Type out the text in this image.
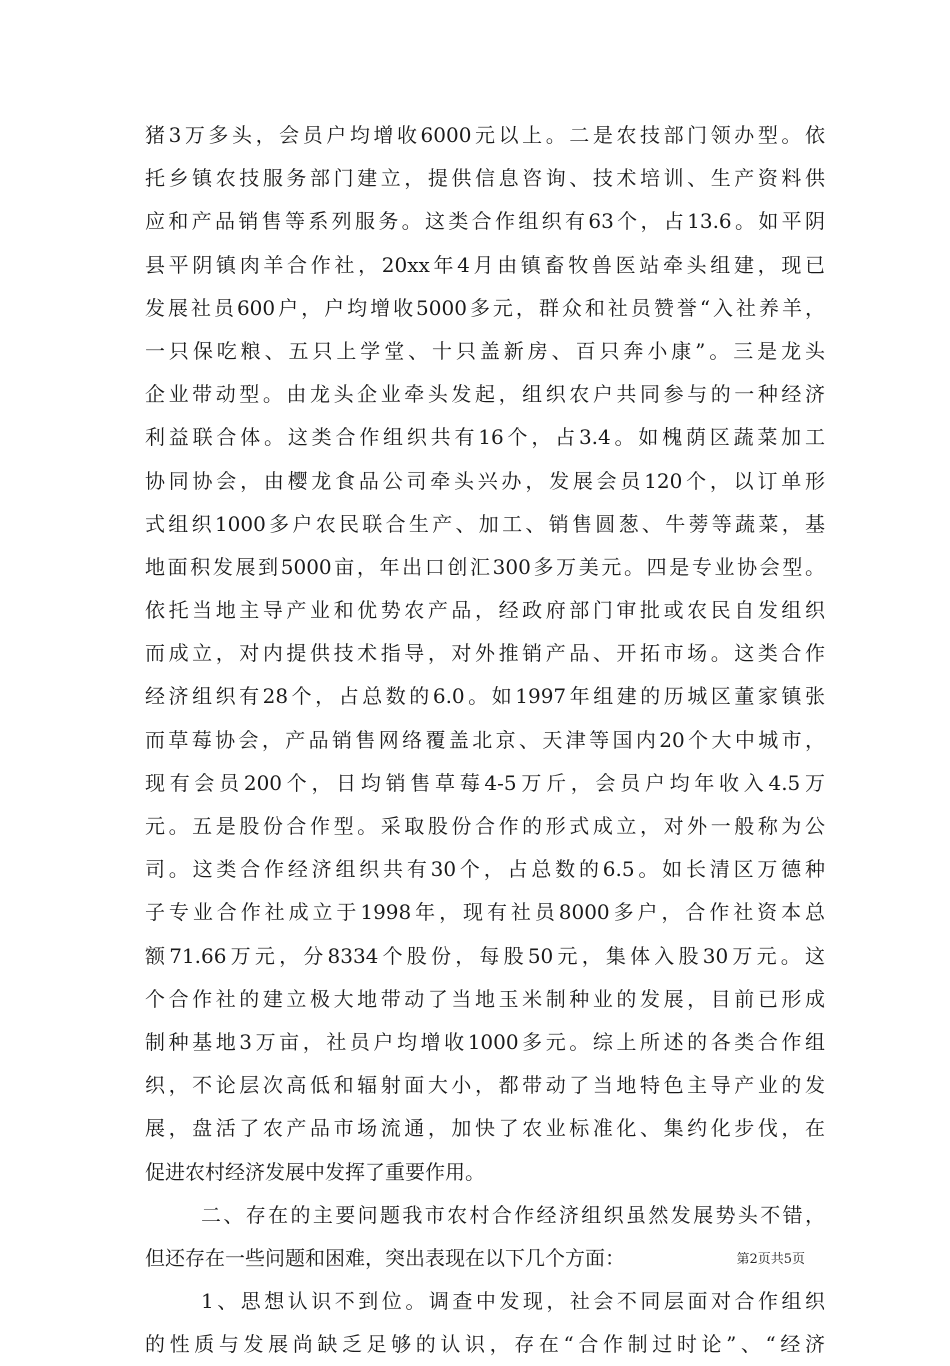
猪3万多头，会员户均增收6000元以上。二是农技部门领办型。依
托乡镇农技服务部门建立，提供信息咨询、技术培训、生产资料供
应和产品销售等系列服务。这类合作组织有63个，占13.6。如平阴
县平阴镇肉羊合作社，20xx年4月由镇畜牧兽医站牵头组建，现已
发展社员600户，户均增收5000多元，群众和社员赞誉“入社养羊，
一只保吃粮、五只上学堂、十只盖新房、百只奔小康”。三是龙头
企业带动型。由龙头企业牵头发起，组织农户共同参与的一种经济
利益联合体。这类合作组织共有16个，占3.4。如槐荫区蔬菜加工
协同协会，由樱龙食品公司牵头兴办，发展会员120个，以订单形
式组织1000多户农民联合生产、加工、销售圆葱、牛蒡等蔬菜，基
地面积发展到5000亩，年出口创汇300多万美元。四是专业协会型。
依托当地主导产业和优势农产品，经政府部门审批或农民自发组织
而成立，对内提供技术指导，对外推销产品、开拓市场。这类合作
经济组织有28个，占总数的6.0。如1997年组建的历城区董家镇张
而草莓协会，产品销售网络覆盖北京、天津等国内20个大中城市，
现有会员200个，日均销售草莓4-5万斤，会员户均年收入4.5万
元。五是股份合作型。采取股份合作的形式成立，对外一般称为公
司。这类合作经济组织共有30个，占总数的6.5。如长清区万德种
子专业合作社成立于1998年，现有社员8000多户，合作社资本总
额71.66万元，分8334个股份，每股50元，集体入股30万元。这
个合作社的建立极大地带动了当地玉米制种业的发展，目前已形成
制种基地3万亩，社员户均增收1000多元。综上所述的各类合作组
织，不论层次高低和辐射面大小，都带动了当地特色主导产业的发
展，盘活了农产品市场流通，加快了农业标准化、集约化步伐，在
促进农村经济发展中发挥了重要作用。
二、存在的主要问题我市农村合作经济组织虽然发展势头不错，
但还存在一些问题和困难，突出表现在以下几个方面：
1、思想认识不到位。调查中发现，社会不同层面对合作组织
的性质与发展尚缺乏足够的认识，存在“合作制过时论”、“经济
第2页共5页
